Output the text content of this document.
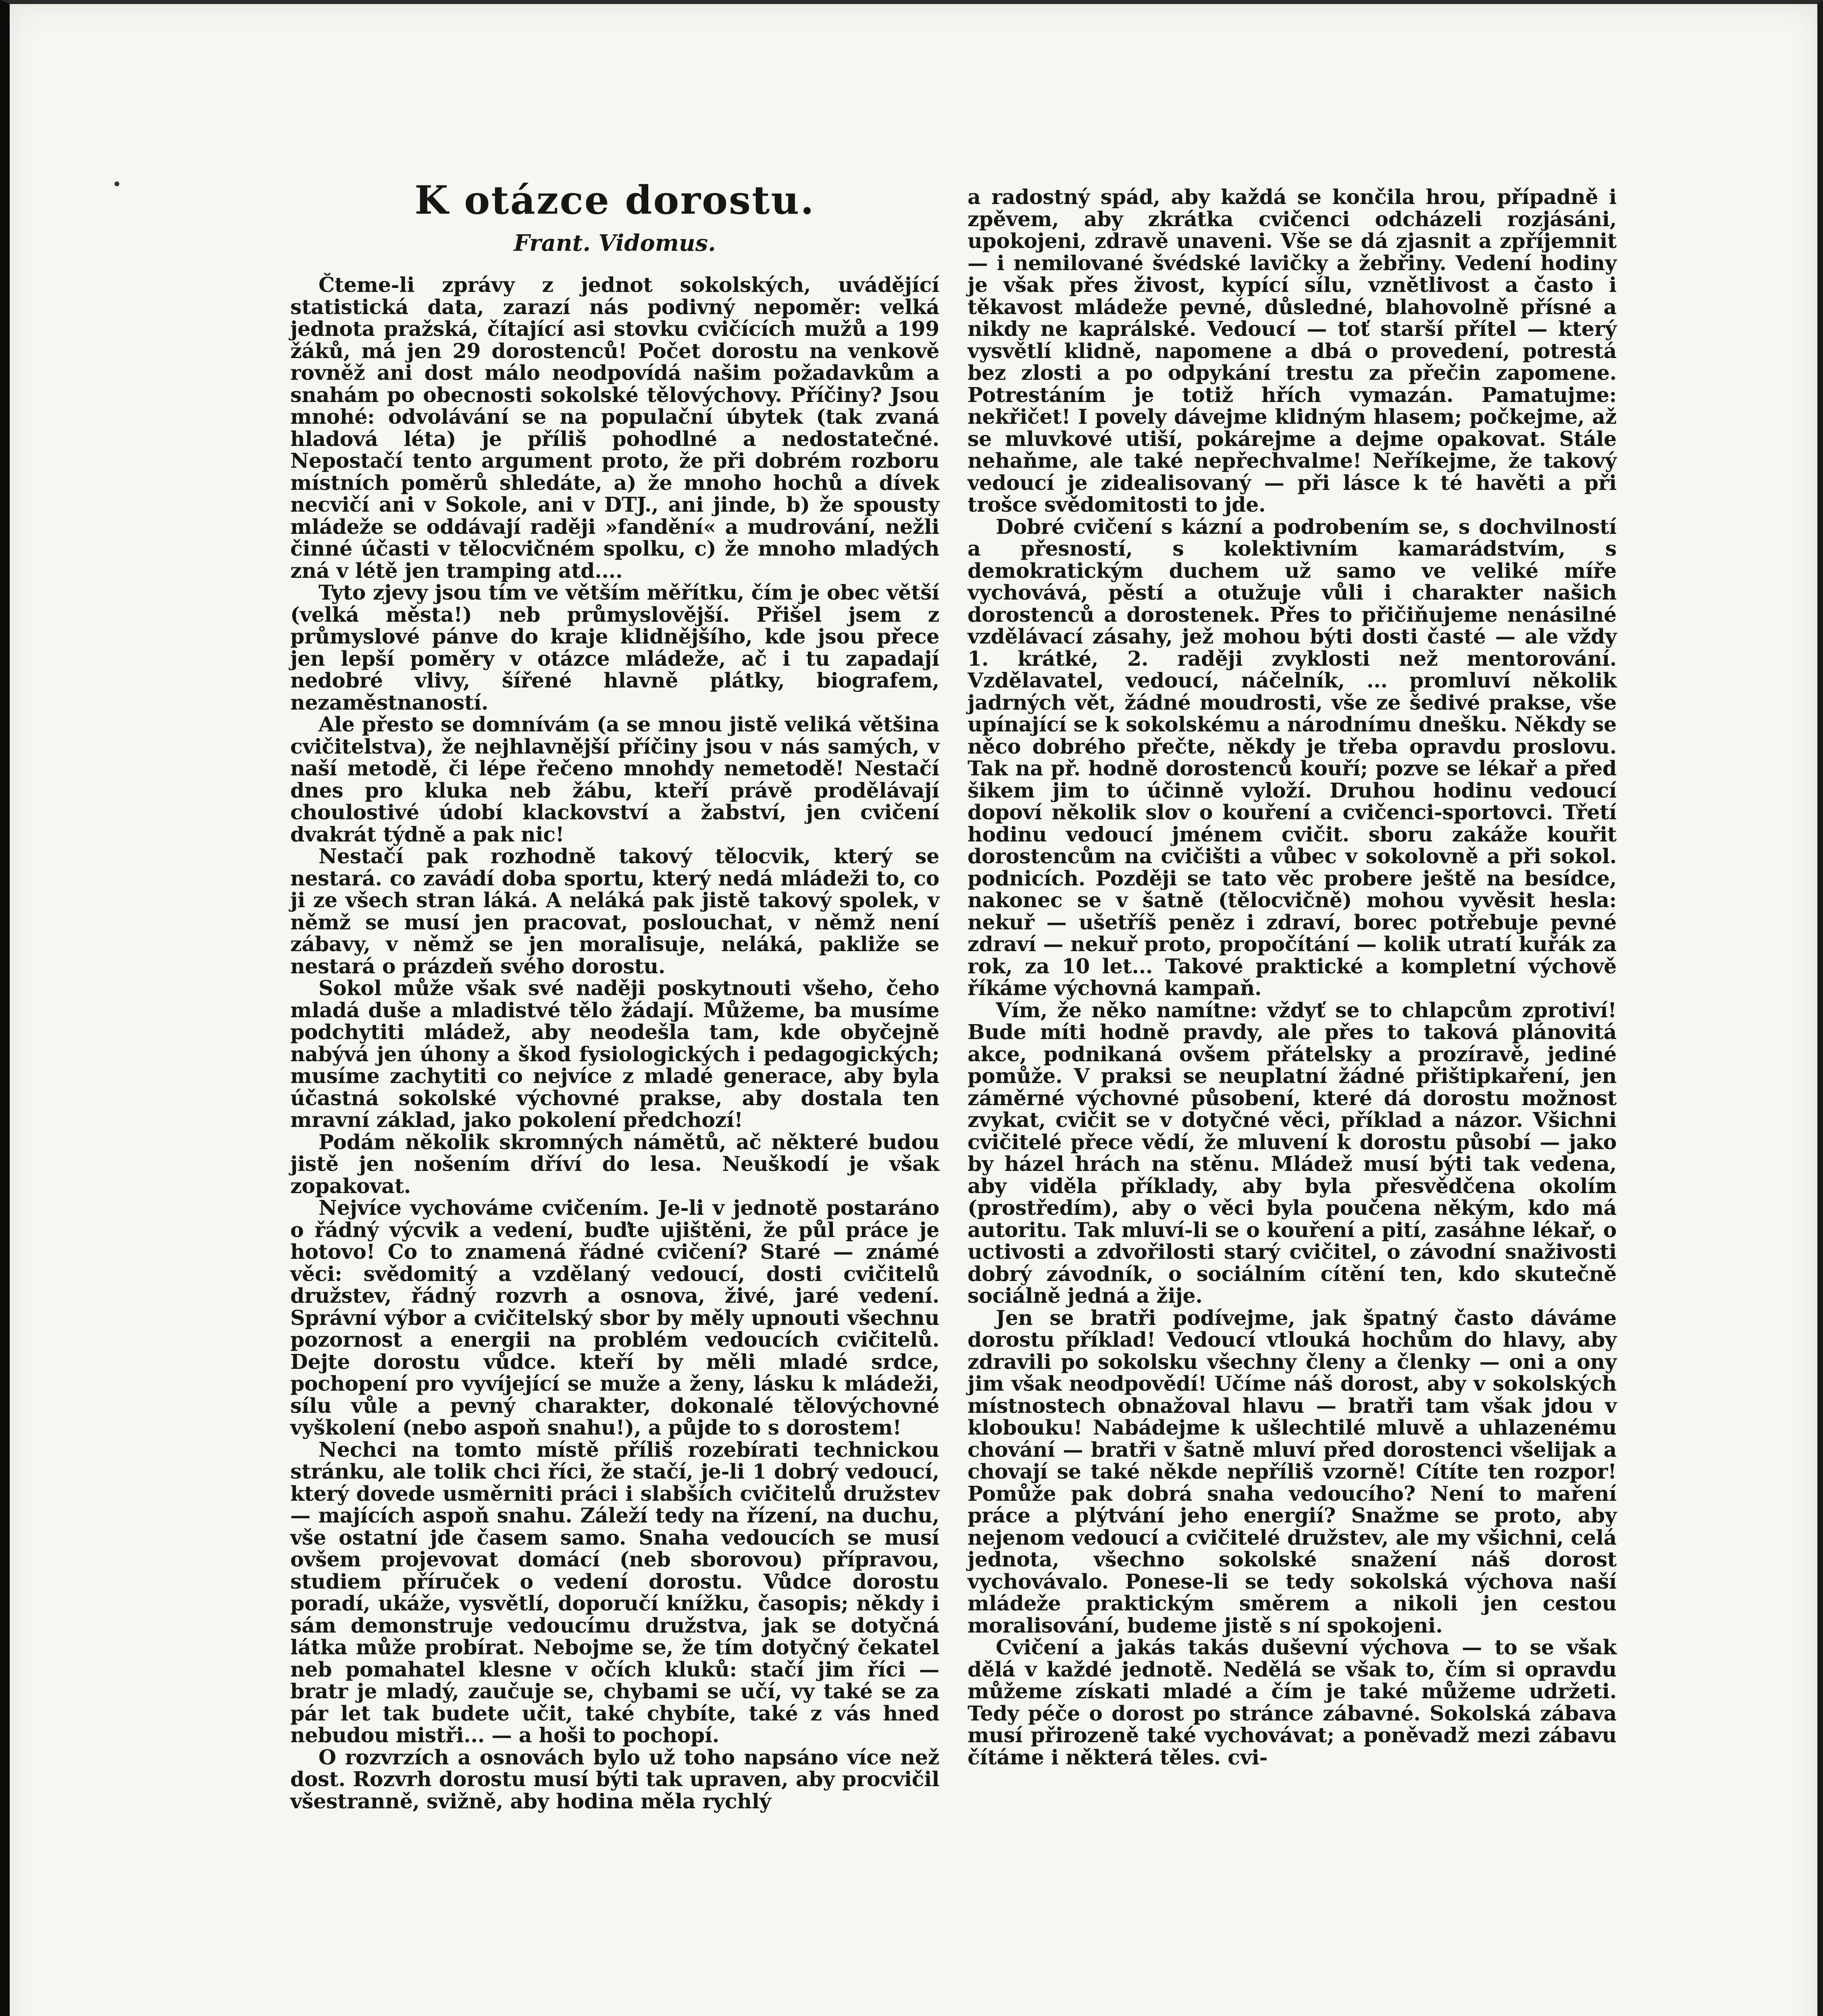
K otázce dorostu.
Frant. Vidomus.

Čteme-li zprávy z jednot sokolských, uvádějící statistická data, zarazí nás podivný nepoměr: velká jednota pražská, čítající asi stovku cvičících mužů a 199 žáků, má jen 29 dorostenců! Počet dorostu na venkově rovněž ani dost málo neodpovídá našim požadavkům a snahám po obecnosti sokolské tělovýchovy. Příčiny? Jsou mnohé: odvolávání se na populační úbytek (tak zvaná hladová léta) je příliš pohodlné a nedostatečné. Nepostačí tento argument proto, že při dobrém rozboru místních poměrů shledáte, a) že mnoho hochů a dívek necvičí ani v Sokole, ani v DTJ., ani jinde, b) že spousty mládeže se oddávají raději »fandění« a mudrování, nežli činné účasti v tělocvičném spolku, c) že mnoho mladých zná v létě jen tramping atd....

Tyto zjevy jsou tím ve větším měřítku, čím je obec větší (velká města!) neb průmyslovější. Přišel jsem z průmyslové pánve do kraje klidnějšího, kde jsou přece jen lepší poměry v otázce mládeže, ač i tu zapadají nedobré vlivy, šířené hlavně plátky, biografem, nezaměstnaností.

Ale přesto se domnívám (a se mnou jistě veliká většina cvičitelstva), že nejhlavnější příčiny jsou v nás samých, v naší metodě, či lépe řečeno mnohdy nemetodě! Nestačí dnes pro kluka neb žábu, kteří právě prodělávají choulostivé údobí klackovství a žabství, jen cvičení dvakrát týdně a pak nic!

Nestačí pak rozhodně takový tělocvik, který se nestará. co zavádí doba sportu, který nedá mládeži to, co ji ze všech stran láká. A neláká pak jistě takový spolek, v němž se musí jen pracovat, poslouchat, v němž není zábavy, v němž se jen moralisuje, neláká, pakliže se nestará o prázdeň svého dorostu.

Sokol může však své naději poskytnouti všeho, čeho mladá duše a mladistvé tělo žádají. Můžeme, ba musíme podchytiti mládež, aby neodešla tam, kde obyčejně nabývá jen úhony a škod fysiologických i pedagogických; musíme zachytiti co nejvíce z mladé generace, aby byla účastná sokolské výchovné prakse, aby dostala ten mravní základ, jako pokolení předchozí!

Podám několik skromných námětů, ač některé budou jistě jen nošením dříví do lesa. Neuškodí je však zopakovat.

Nejvíce vychováme cvičením. Je-li v jednotě postaráno o řádný výcvik a vedení, buďte ujištěni, že půl práce je hotovo! Co to znamená řádné cvičení? Staré — známé věci: svědomitý a vzdělaný vedoucí, dosti cvičitelů družstev, řádný rozvrh a osnova, živé, jaré vedení. Správní výbor a cvičitelský sbor by měly upnouti všechnu pozornost a energii na problém vedoucích cvičitelů. Dejte dorostu vůdce. kteří by měli mladé srdce, pochopení pro vyvíjející se muže a ženy, lásku k mládeži, sílu vůle a pevný charakter, dokonalé tělovýchovné vyškolení (nebo aspoň snahu!), a půjde to s dorostem!

Nechci na tomto místě příliš rozebírati technickou stránku, ale tolik chci říci, že stačí, je-li 1 dobrý vedoucí, který dovede usměrniti práci i slabších cvičitelů družstev — majících aspoň snahu. Záleží tedy na řízení, na duchu, vše ostatní jde časem samo. Snaha vedoucích se musí ovšem projevovat domácí (neb sborovou) přípravou, studiem příruček o vedení dorostu. Vůdce dorostu poradí, ukáže, vysvětlí, doporučí knížku, časopis; někdy i sám demonstruje vedoucímu družstva, jak se dotyčná látka může probírat. Nebojme se, že tím dotyčný čekatel neb pomahatel klesne v očích kluků: stačí jim říci — bratr je mladý, zaučuje se, chybami se učí, vy také se za pár let tak budete učit, také chybíte, také z vás hned nebudou mistři... — a hoši to pochopí.

O rozvrzích a osnovách bylo už toho napsáno více než dost. Rozvrh dorostu musí býti tak upraven, aby procvičil všestranně, svižně, aby hodina měla rychlý

a radostný spád, aby každá se končila hrou, případně i zpěvem, aby zkrátka cvičenci odcházeli rozjásáni, upokojeni, zdravě unaveni. Vše se dá zjasnit a zpříjemnit — i nemilované švédské lavičky a žebřiny. Vedení hodiny je však přes živost, kypící sílu, vznětlivost a často i těkavost mládeže pevné, důsledné, blahovolně přísné a nikdy ne kaprálské. Vedoucí — toť starší přítel — který vysvětlí klidně, napomene a dbá o provedení, potrestá bez zlosti a po odpykání trestu za přečin zapomene. Potrestáním je totiž hřích vymazán. Pamatujme: nekřičet! I povely dávejme klidným hlasem; počkejme, až se mluvkové utiší, pokárejme a dejme opakovat. Stále nehaňme, ale také nepřechvalme! Neříkejme, že takový vedoucí je zidealisovaný — při lásce k té havěti a při trošce svědomitosti to jde.

Dobré cvičení s kázní a podrobením se, s dochvilností a přesností, s kolektivním kamarádstvím, s demokratickým duchem už samo ve veliké míře vychovává, pěstí a otužuje vůli i charakter našich dorostenců a dorostenek. Přes to přičiňujeme nenásilné vzdělávací zásahy, jež mohou býti dosti časté — ale vždy 1. krátké, 2. raději zvyklosti než mentorování. Vzdělavatel, vedoucí, náčelník, ... promluví několik jadrných vět, žádné moudrosti, vše ze šedivé prakse, vše upínající se k sokolskému a národnímu dnešku. Někdy se něco dobrého přečte, někdy je třeba opravdu proslovu. Tak na př. hodně dorostenců kouří; pozve se lékař a před šikem jim to účinně vyloží. Druhou hodinu vedoucí dopoví několik slov o kouření a cvičenci-sportovci. Třetí hodinu vedoucí jménem cvičit. sboru zakáže kouřit dorostencům na cvičišti a vůbec v sokolovně a při sokol. podnicích. Později se tato věc probere ještě na besídce, nakonec se v šatně (tělocvičně) mohou vyvěsit hesla: nekuř — ušetříš peněz i zdraví, borec potřebuje pevné zdraví — nekuř proto, propočítání — kolik utratí kuřák za rok, za 10 let... Takové praktické a kompletní výchově říkáme výchovná kampaň.

Vím, že něko namítne: vždyť se to chlapcům zprotiví! Bude míti hodně pravdy, ale přes to taková plánovitá akce, podnikaná ovšem přátelsky a prozíravě, jediné pomůže. V praksi se neuplatní žádné přištipkaření, jen záměrné výchovné působení, které dá dorostu možnost zvykat, cvičit se v dotyčné věci, příklad a názor. Všichni cvičitelé přece vědí, že mluvení k dorostu působí — jako by házel hrách na stěnu. Mládež musí býti tak vedena, aby viděla příklady, aby byla přesvědčena okolím (prostředím), aby o věci byla poučena někým, kdo má autoritu. Tak mluví-li se o kouření a pití, zasáhne lékař, o uctivosti a zdvořilosti starý cvičitel, o závodní snaživosti dobrý závodník, o sociálním cítění ten, kdo skutečně sociálně jedná a žije.

Jen se bratři podívejme, jak špatný často dáváme dorostu příklad! Vedoucí vtlouká hochům do hlavy, aby zdravili po sokolsku všechny členy a členky — oni a ony jim však neodpovědí! Učíme náš dorost, aby v sokolských místnostech obnažoval hlavu — bratři tam však jdou v klobouku! Nabádejme k ušlechtilé mluvě a uhlazenému chování — bratři v šatně mluví před dorostenci všelijak a chovají se také někde nepříliš vzorně! Cítíte ten rozpor! Pomůže pak dobrá snaha vedoucího? Není to maření práce a plýtvání jeho energií? Snažme se proto, aby nejenom vedoucí a cvičitelé družstev, ale my všichni, celá jednota, všechno sokolské snažení náš dorost vychovávalo. Ponese-li se tedy sokolská výchova naší mládeže praktickým směrem a nikoli jen cestou moralisování, budeme jistě s ní spokojeni.

Cvičení a jakás takás duševní výchova — to se však dělá v každé jednotě. Nedělá se však to, čím si opravdu můžeme získati mladé a čím je také můžeme udržeti. Tedy péče o dorost po stránce zábavné. Sokolská zábava musí přirozeně také vychovávat; a poněvadž mezi zábavu čítáme i některá těles. cvi-
